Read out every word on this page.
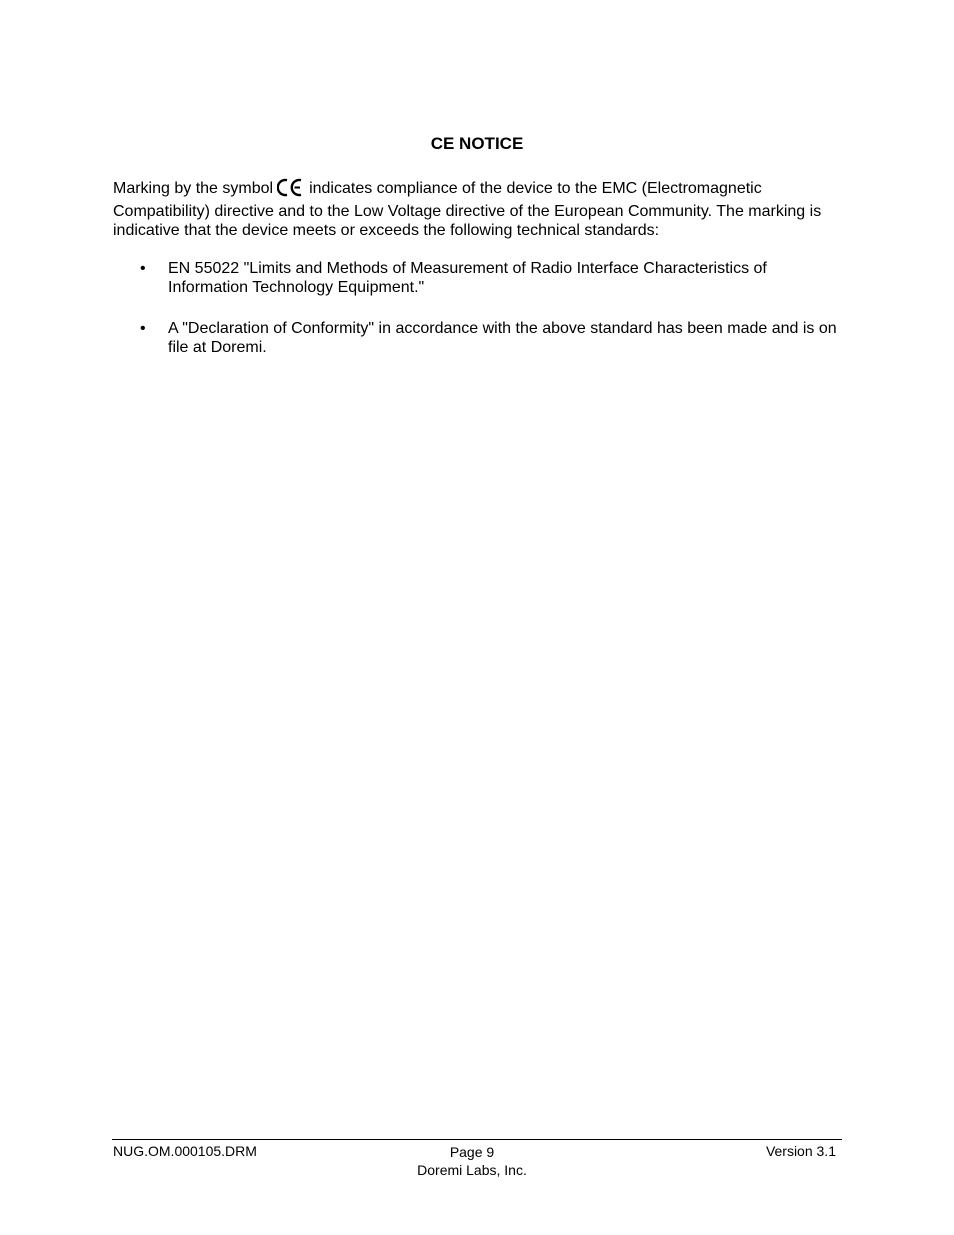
CE NOTICE

Marking by the symbol indicates compliance of the device to the EMC (Electromagnetic Compatibility) directive and to the Low Voltage directive of the European Community. The marking is indicative that the device meets or exceeds the following technical standards:

• EN 55022 "Limits and Methods of Measurement of Radio Interface Characteristics of Information Technology Equipment."
• A "Declaration of Conformity" in accordance with the above standard has been made and is on file at Doremi.
NUG.OM.000105.DRM	Page 9
Doremi Labs, Inc.
Version 3.1
